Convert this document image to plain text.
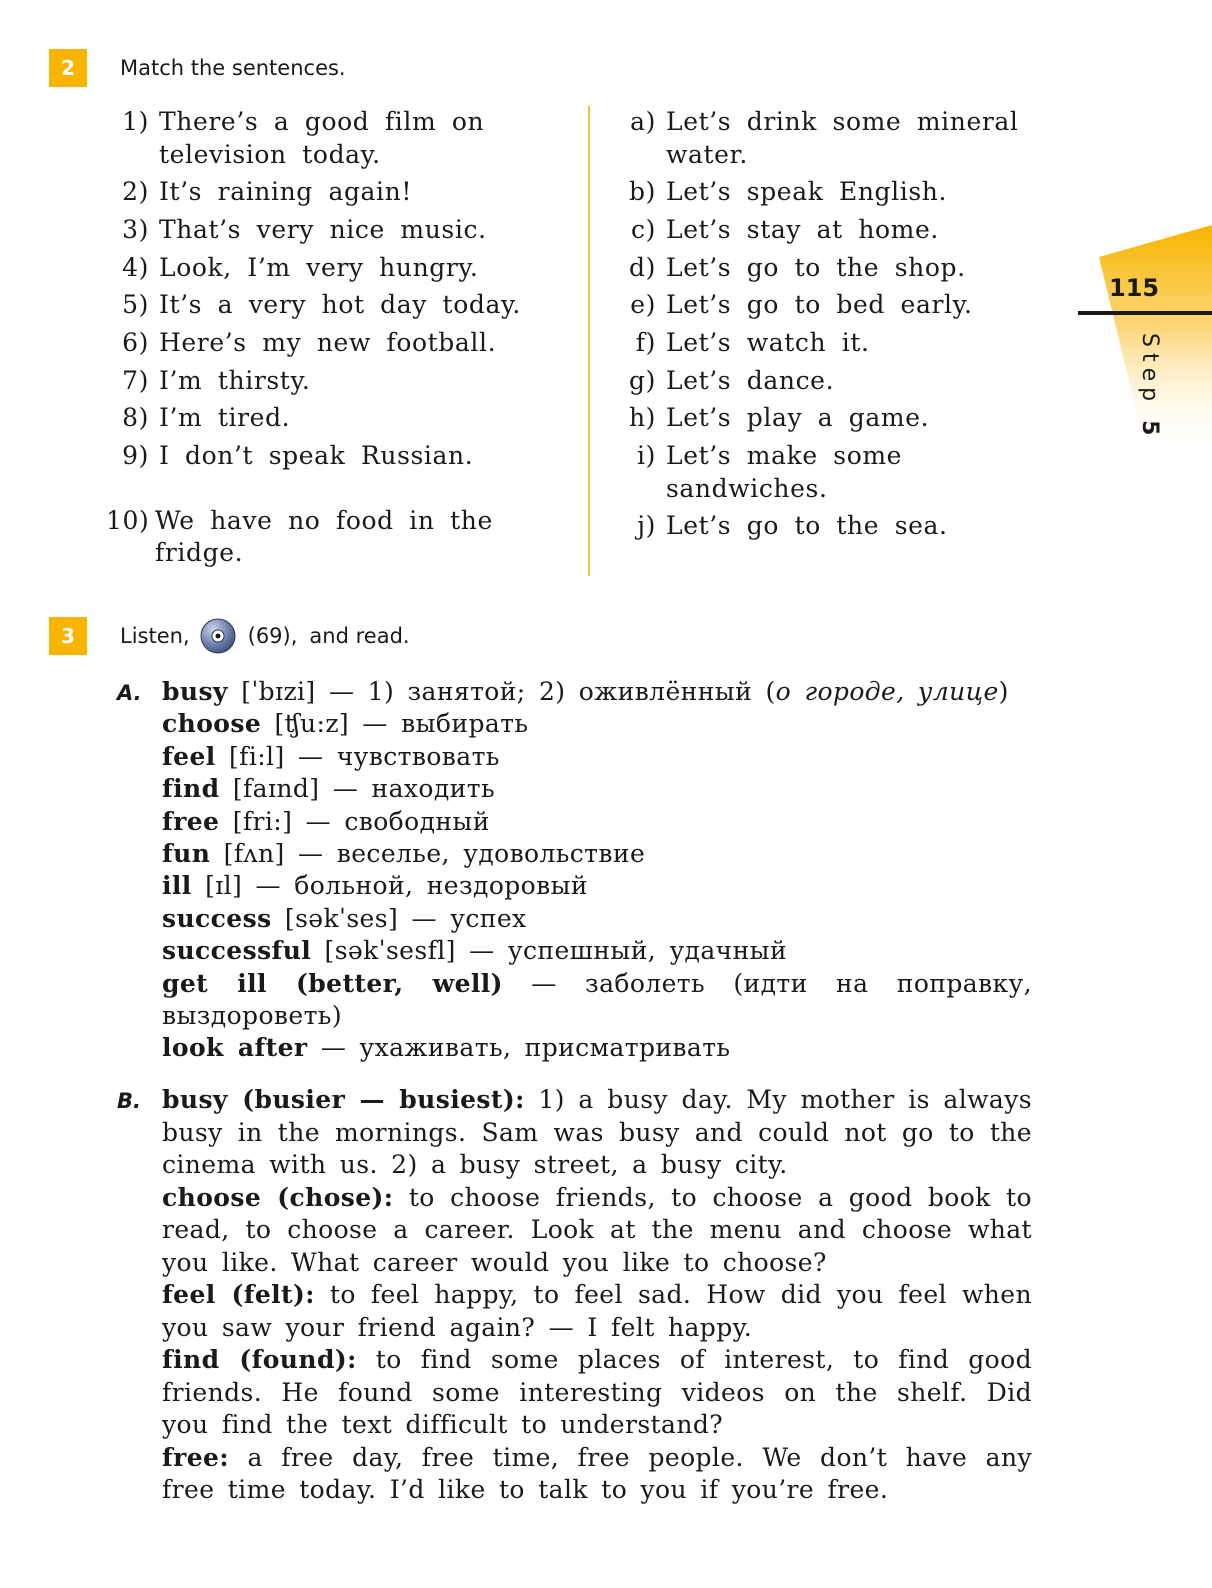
2	Match the sentences.
1) There’s a good film on television today.
2) It’s raining again!
3) That’s very nice music.
4) Look, I’m very hungry.
5) It’s a very hot day today.
6) Here’s my new football.
7) I’m thirsty.
8) I’m tired.
9) I don’t speak Russian.
10) We have no food in the fridge.
a) Let’s drink some mineral water.
b) Let’s speak English.
c) Let’s stay at home.
d) Let’s go to the shop.
e) Let’s go to bed early.
f) Let’s watch it.
g) Let’s dance.
h) Let’s play a game.
i) Let’s make some sandwiches.
j) Let’s go to the sea.
115
Step 5
3	Listen,	(69), and read.
A. busy [ˈbɪzi] — 1) занятой; 2) оживлённый (о городе, улице)

choose [ʧu:z] — выбирать

feel [fi:l] — чувствовать

find [faɪnd] — находить

free [fri:] — свободный

fun [fʌn] — веселье, удовольствие

ill [ɪl] — больной, нездоровый

success [səkˈses] — успех

successful [səkˈsesfl] — успешный, удачный

get ill (better, well) — заболеть (идти на поправку, выздороветь)

look after — ухаживать, присматривать

B. busy (busier — busiest): 1) a busy day. My mother is always busy in the mornings. Sam was busy and could not go to the cinema with us. 2) a busy street, a busy city.

choose (chose): to choose friends, to choose a good book to read, to choose a career. Look at the menu and choose what you like. What career would you like to choose?

feel (felt): to feel happy, to feel sad. How did you feel when you saw your friend again? — I felt happy.

find (found): to find some places of interest, to find good friends. He found some interesting videos on the shelf. Did you find the text difficult to understand?

free: a free day, free time, free people. We don’t have any free time today. I’d like to talk to you if you’re free.
